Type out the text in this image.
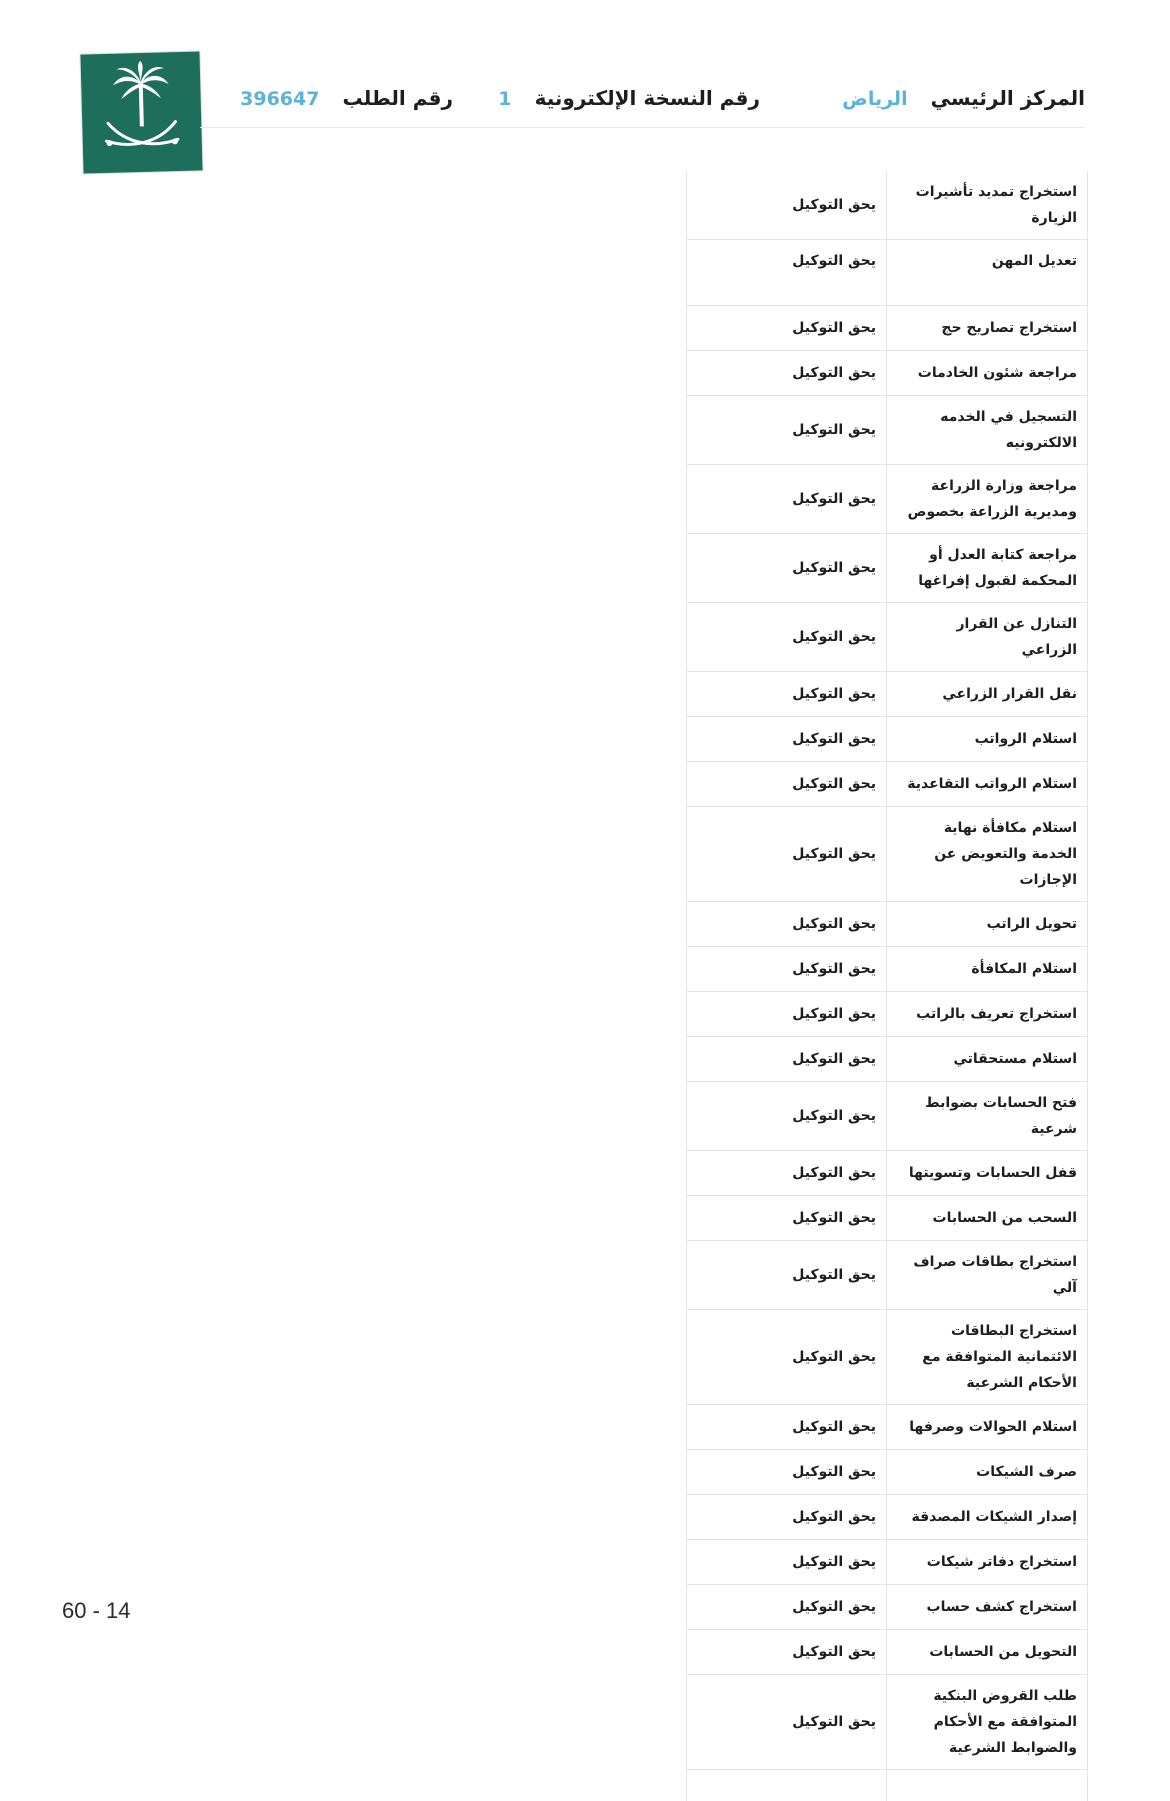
المركز الرئيسي الرياض
رقم النسخة الإلكترونية 1
رقم الطلب 396647
استخراج تمديد تأشيرات الزيارة	يحق التوكيل
تعديل المهن	يحق التوكيل
استخراج تصاريح حج	يحق التوكيل
مراجعة شئون الخادمات	يحق التوكيل
التسجيل في الخدمه الالكترونيه	يحق التوكيل
مراجعة وزارة الزراعة ومديرية الزراعة بخصوص	يحق التوكيل
مراجعة كتابة العدل أو المحكمة لقبول إفراغها	يحق التوكيل
التنازل عن القرار الزراعي	يحق التوكيل
نقل القرار الزراعي	يحق التوكيل
استلام الرواتب	يحق التوكيل
استلام الرواتب التقاعدية	يحق التوكيل
استلام مكافأة نهاية الخدمة والتعويض عن الإجازات	يحق التوكيل
تحويل الراتب	يحق التوكيل
استلام المكافأة	يحق التوكيل
استخراج تعريف بالراتب	يحق التوكيل
استلام مستحقاتي	يحق التوكيل
فتح الحسابات بضوابط شرعية	يحق التوكيل
قفل الحسابات وتسويتها	يحق التوكيل
السحب من الحسابات	يحق التوكيل
استخراج بطاقات صراف آلي	يحق التوكيل
استخراج البطاقات الائتمانية المتوافقة مع الأحكام الشرعية	يحق التوكيل
استلام الحوالات وصرفها	يحق التوكيل
صرف الشيكات	يحق التوكيل
إصدار الشيكات المصدقة	يحق التوكيل
استخراج دفاتر شيكات	يحق التوكيل
استخراج كشف حساب	يحق التوكيل
التحويل من الحسابات	يحق التوكيل
طلب القروض البنكية المتوافقة مع الأحكام والضوابط الشرعية	يحق التوكيل

60 - 14
